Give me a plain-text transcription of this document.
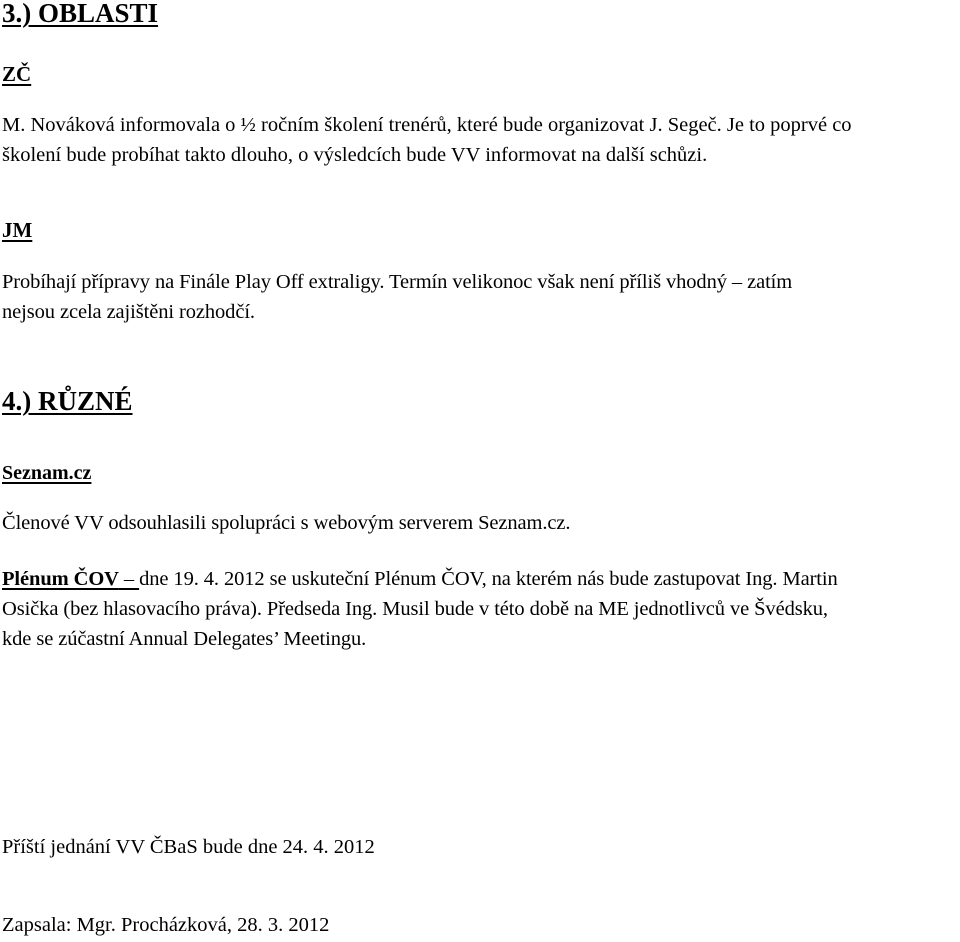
3.) OBLASTI
ZČ
M. Nováková informovala o ½ ročním školení trenérů, které bude organizovat J. Segeč. Je to poprvé co
školení bude probíhat takto dlouho, o výsledcích bude VV informovat na další schůzi.
JM
Probíhají přípravy na Finále Play Off extraligy. Termín velikonoc však není příliš vhodný – zatím
nejsou zcela zajištěni rozhodčí.
4.) RŮZNÉ
Seznam.cz
Členové VV odsouhlasili spolupráci s webovým serverem Seznam.cz.
Plénum ČOV – dne 19. 4. 2012 se uskuteční Plénum ČOV, na kterém nás bude zastupovat Ing. Martin
Osička (bez hlasovacího práva). Předseda Ing. Musil bude v této době na ME jednotlivců ve Švédsku,
kde se zúčastní Annual Delegates’ Meetingu.
Příští jednání VV ČBaS bude dne 24. 4. 2012
Zapsala: Mgr. Procházková, 28. 3. 2012
